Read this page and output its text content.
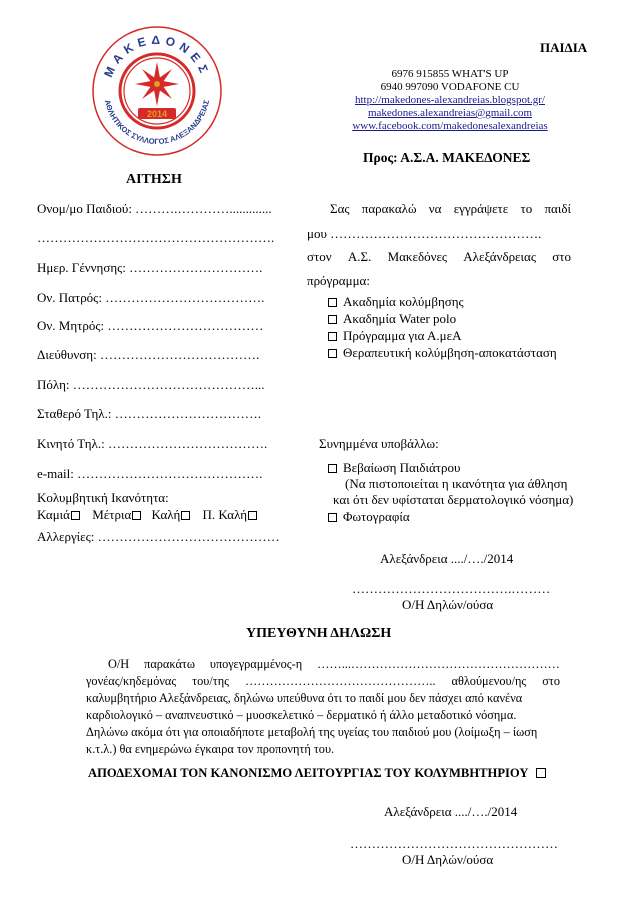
ΠΑΙΔΙΑ
6976 915855 WHAT'S UP
6940 997090 VODAFONE CU
http://makedones-alexandreias.blogspot.gr/
makedones.alexandreias@gmail.com
www.facebook.com/makedonesalexandreias
Προς: Α.Σ.Α. ΜΑΚΕΔΟΝΕΣ
ΜΑΚΕΔΟΝΕΣ
ΑΘΛΗΤΙΚΟΣ ΣΥΛΛΟΓΟΣ ΑΛΕΞΑΝΔΡΕΙΑΣ
2014
ΑΙΤΗΣΗ
Ονομ/μο Παιδιού: ……….………….............
……………………………………………….
Ημερ. Γέννησης: ………………………….
Ον. Πατρός: ……………………………….
Ον. Μητρός: ………………………………
Διεύθυνση: ……………………………….
Πόλη: ……………………………………...
Σταθερό Τηλ.: …………………………….
Κινητό Τηλ.: ……………………………….
e-mail: …………………………………….
Κολυμβητική Ικανότητα:
Καμιά Μέτρια Καλή Π. Καλή
Αλλεργίες: ……………………………………
Σας παρακαλώ να εγγράψετε το παιδί
μου ………………………………………….
στον Α.Σ. Μακεδόνες Αλεξάνδρειας στο
πρόγραμμα:
Ακαδημία κολύμβησης
Ακαδημία Water polo
Πρόγραμμα για Α.μεΑ
Θεραπευτική κολύμβηση-αποκατάσταση
Συνημμένα υποβάλλω:
Βεβαίωση Παιδιάτρου
(Να πιστοποιείται η ικανότητα για άθληση
και ότι δεν υφίσταται δερματολογικό νόσημα)
Φωτογραφία
Αλεξάνδρεια ..../…./2014
……………………………….………
Ο/Η Δηλών/ούσα
ΥΠΕΥΘΥΝΗ ΔΗΛΩΣΗ
Ο/Η παρακάτω υπογεγραμμένος-η ……...……………………………………………
γονέας/κηδεμόνας του/της ……………………………………….. αθλούμενου/ης στο
καλυμβητήριο Αλεξάνδρειας, δηλώνω υπεύθυνα ότι το παιδί μου δεν πάσχει από κανένα
καρδιολογικό – αναπνευστικό – μυοσκελετικό – δερματικό ή άλλο μεταδοτικό νόσημα.
Δηλώνω ακόμα ότι για οποιαδήποτε μεταβολή της υγείας του παιδιού μου (λοίμωξη – ίωση
κ.τ.λ.) θα ενημερώνω έγκαιρα τον προπονητή του.
ΑΠΟΔΕΧΟΜΑΙ ΤΟΝ ΚΑΝΟΝΙΣΜΟ ΛΕΙΤΟΥΡΓΙΑΣ ΤΟΥ ΚΟΛΥΜΒΗΤΗΡΙΟΥ
Αλεξάνδρεια ..../…./2014
…………………………………………
Ο/Η Δηλών/ούσα
